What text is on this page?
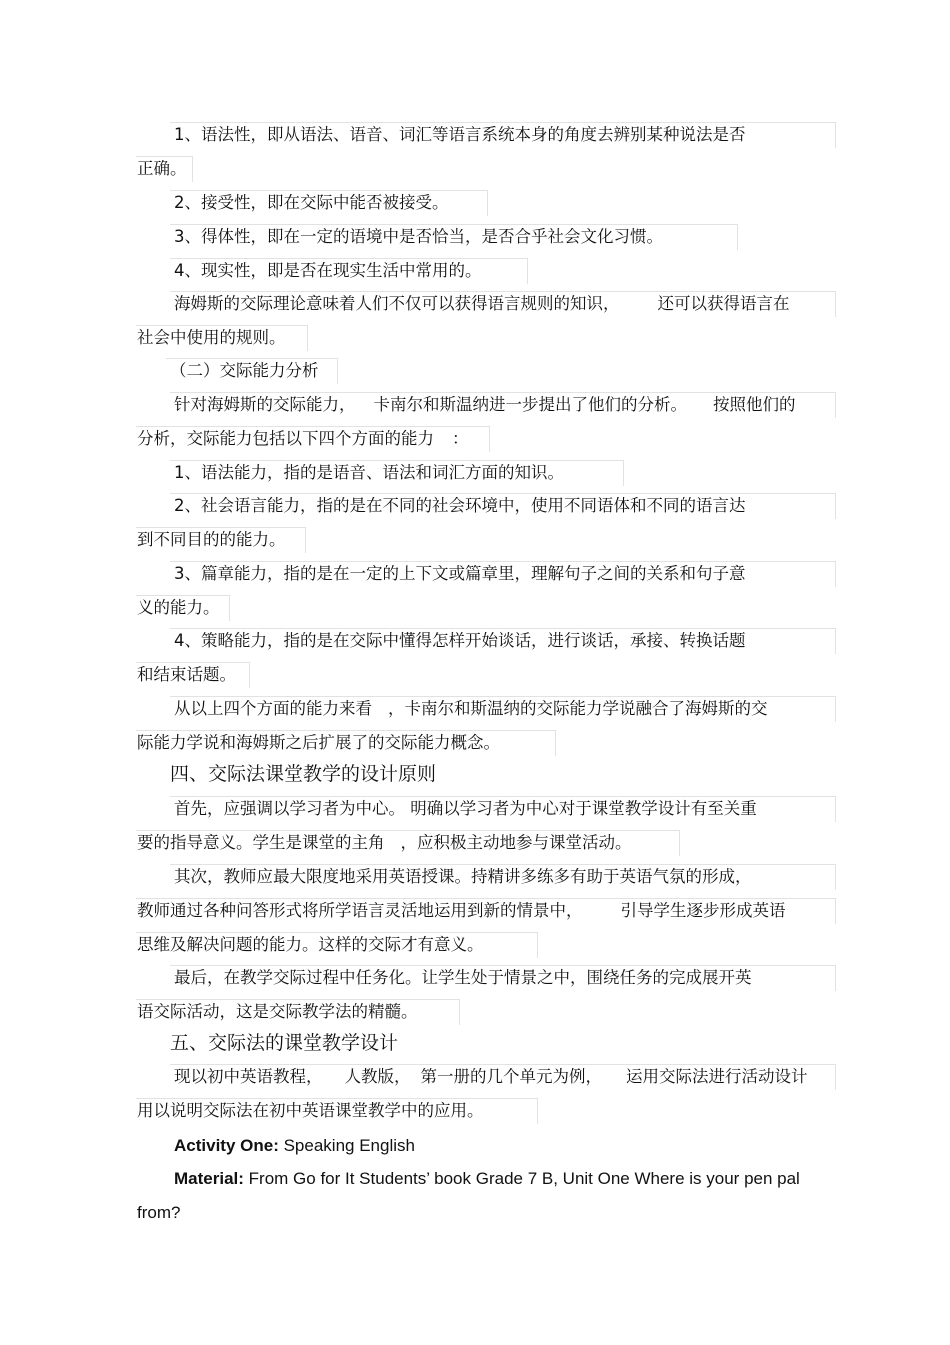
1、语法性，即从语法、语音、词汇等语言系统本身的角度去辨别某种说法是否
正确。
2、接受性，即在交际中能否被接受。
3、得体性，即在一定的语境中是否恰当，是否合乎社会文化习惯。
4、现实性，即是否在现实生活中常用的。
海姆斯的交际理论意味着人们不仅可以获得语言规则的知识， 还可以获得语言在
社会中使用的规则。
（二）交际能力分析
针对海姆斯的交际能力， 卡南尔和斯温纳进一步提出了他们的分析。 按照他们的
分析，交际能力包括以下四个方面的能力 ：
1、语法能力，指的是语音、语法和词汇方面的知识。
2、社会语言能力，指的是在不同的社会环境中，使用不同语体和不同的语言达
到不同目的的能力。
3、篇章能力，指的是在一定的上下文或篇章里，理解句子之间的关系和句子意
义的能力。
4、策略能力，指的是在交际中懂得怎样开始谈话，进行谈话，承接、转换话题
和结束话题。
从以上四个方面的能力来看 ，卡南尔和斯温纳的交际能力学说融合了海姆斯的交
际能力学说和海姆斯之后扩展了的交际能力概念。
四、交际法课堂教学的设计原则
首先，应强调以学习者为中心。 明确以学习者为中心对于课堂教学设计有至关重
要的指导意义。学生是课堂的主角 ，应积极主动地参与课堂活动。
其次，教师应最大限度地采用英语授课。持精讲多练多有助于英语气氛的形成，
教师通过各种问答形式将所学语言灵活地运用到新的情景中， 引导学生逐步形成英语
思维及解决问题的能力。这样的交际才有意义。
最后，在教学交际过程中任务化。让学生处于情景之中，围绕任务的完成展开英
语交际活动，这是交际教学法的精髓。
五、交际法的课堂教学设计
现以初中英语教程， 人教版， 第一册的几个单元为例， 运用交际法进行活动设计
用以说明交际法在初中英语课堂教学中的应用。
Activity One: Speaking English
Material: From Go for It Students’ book Grade 7 B, Unit One Where is your pen pal
from?
